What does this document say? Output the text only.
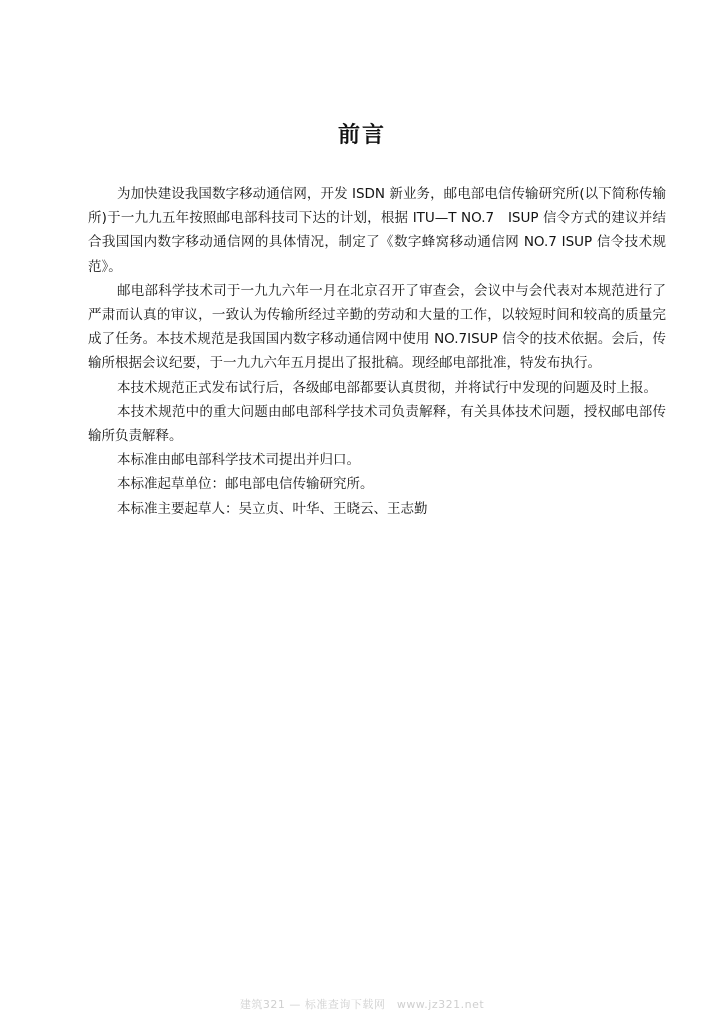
前言

为加快建设我国数字移动通信网，开发 ISDN 新业务，邮电部电信传输研究所(以下简称传输所)于一九九五年按照邮电部科技司下达的计划，根据 ITU—T NO.7　ISUP 信令方式的建议并结合我国国内数字移动通信网的具体情况，制定了《数字蜂窝移动通信网 NO.7 ISUP 信令技术规范》。

邮电部科学技术司于一九九六年一月在北京召开了审查会，会议中与会代表对本规范进行了严肃而认真的审议，一致认为传输所经过辛勤的劳动和大量的工作，以较短时间和较高的质量完成了任务。本技术规范是我国国内数字移动通信网中使用 NO.7ISUP 信令的技术依据。会后，传输所根据会议纪要，于一九九六年五月提出了报批稿。现经邮电部批准，特发布执行。

本技术规范正式发布试行后，各级邮电部都要认真贯彻，并将试行中发现的问题及时上报。

本技术规范中的重大问题由邮电部科学技术司负责解释，有关具体技术问题，授权邮电部传输所负责解释。

本标准由邮电部科学技术司提出并归口。

本标准起草单位：邮电部电信传输研究所。

本标准主要起草人：吴立贞、叶华、王晓云、王志勤

建筑321 — 标准查询下载网　www.jz321.net
